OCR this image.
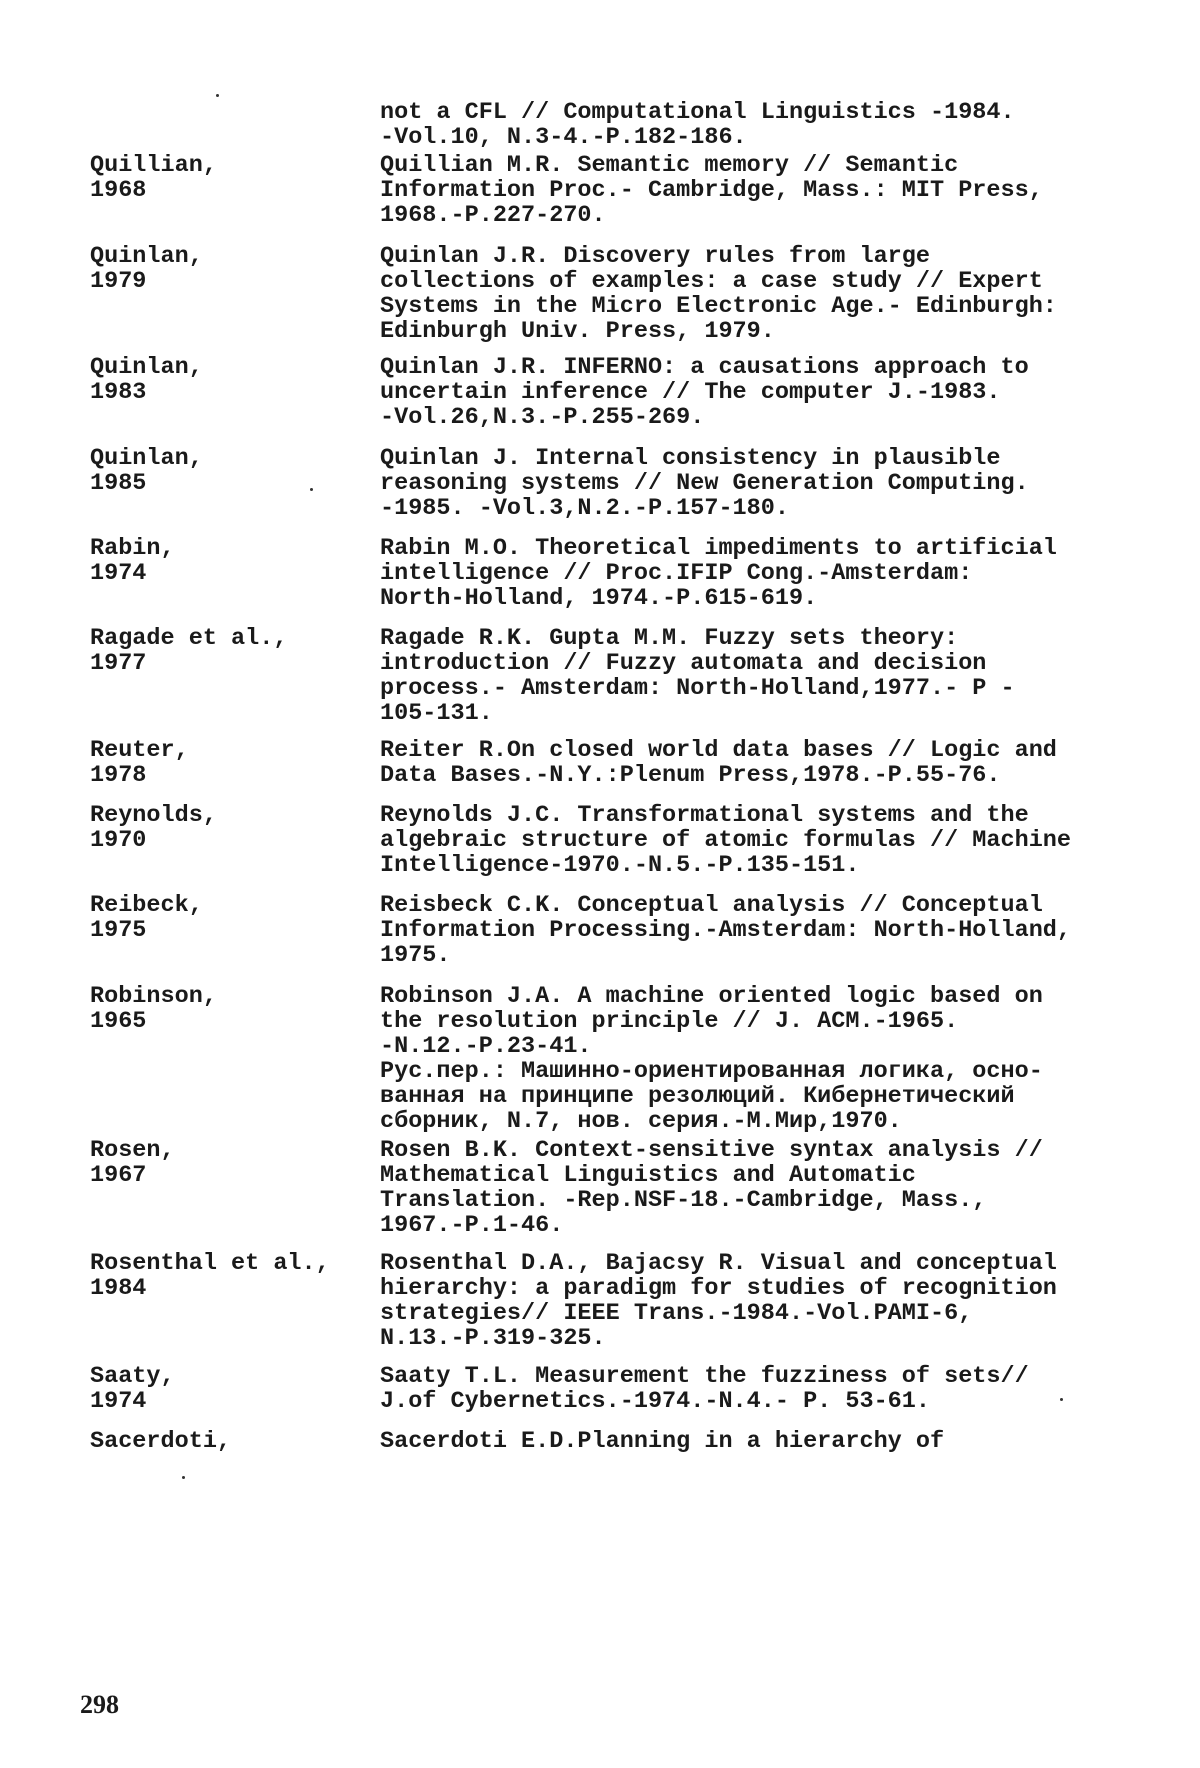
not a CFL // Computational Linguistics -1984.
-Vol.10, N.3-4.-P.182-186.
Quillian,
1968
Quillian M.R. Semantic memory // Semantic
Information Proc.- Cambridge, Mass.: MIT Press,
1968.-P.227-270.
Quinlan,
1979
Quinlan J.R. Discovery rules from large
collections of examples: a case study // Expert
Systems in the Micro Electronic Age.- Edinburgh:
Edinburgh Univ. Press, 1979.
Quinlan,
1983
Quinlan J.R. INFERNO: a causations approach to
uncertain inference // The computer J.-1983.
-Vol.26,N.3.-P.255-269.
Quinlan,
1985
Quinlan J. Internal consistency in plausible
reasoning systems // New Generation Computing.
-1985. -Vol.3,N.2.-P.157-180.
Rabin,
1974
Rabin M.O. Theoretical impediments to artificial
intelligence // Proc.IFIP Cong.-Amsterdam:
North-Holland, 1974.-P.615-619.
Ragade et al.,
1977
Ragade R.K. Gupta M.M. Fuzzy sets theory:
introduction // Fuzzy automata and decision
process.- Amsterdam: North-Holland,1977.- P -
105-131.
Reuter,
1978
Reiter R.On closed world data bases // Logic and
Data Bases.-N.Y.:Plenum Press,1978.-P.55-76.
Reynolds,
1970
Reynolds J.C. Transformational systems and the
algebraic structure of atomic formulas // Machine
Intelligence-1970.-N.5.-P.135-151.
Reibeck,
1975
Reisbeck C.K. Conceptual analysis // Conceptual
Information Processing.-Amsterdam: North-Holland,
1975.
Robinson,
1965
Robinson J.A. A machine oriented logic based on
the resolution principle // J. ACM.-1965.
-N.12.-P.23-41.
Рус.пер.: Машинно-ориентированная логика, осно-
ванная на принципе резолюций. Кибернетический
сборник, N.7, нов. серия.-М.Мир,1970.
Rosen,
1967
Rosen B.K. Context-sensitive syntax analysis //
Mathematical Linguistics and Automatic
Translation. -Rep.NSF-18.-Cambridge, Mass.,
1967.-P.1-46.
Rosenthal et al.,
1984
Rosenthal D.A., Bajacsy R. Visual and conceptual
hierarchy: a paradigm for studies of recognition
strategies// IEEE Trans.-1984.-Vol.PAMI-6,
N.13.-P.319-325.
Saaty,
1974
Saaty T.L. Measurement the fuzziness of sets//
J.of Cybernetics.-1974.-N.4.- P. 53-61.
Sacerdoti,	Sacerdoti E.D.Planning in a hierarchy of
298
